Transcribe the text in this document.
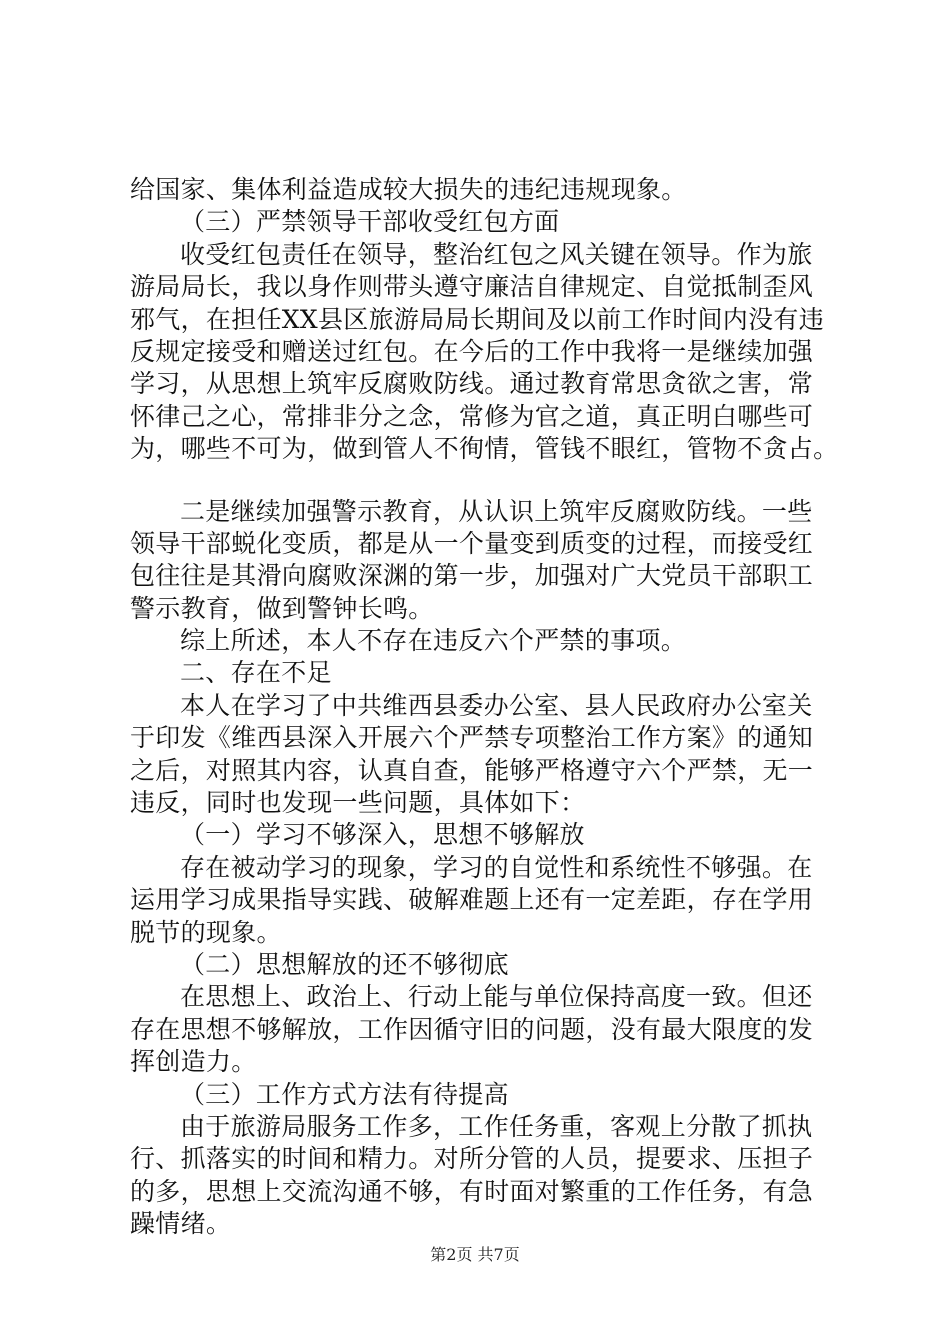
给国家、集体利益造成较大损失的违纪违规现象。
（三）严禁领导干部收受红包方面
收受红包责任在领导，整治红包之风关键在领导。作为旅
游局局长，我以身作则带头遵守廉洁自律规定、自觉抵制歪风
邪气，在担任XX县区旅游局局长期间及以前工作时间内没有违
反规定接受和赠送过红包。在今后的工作中我将一是继续加强
学习，从思想上筑牢反腐败防线。通过教育常思贪欲之害，常
怀律己之心，常排非分之念，常修为官之道，真正明白哪些可
为，哪些不可为，做到管人不徇情，管钱不眼红，管物不贪占。
二是继续加强警示教育，从认识上筑牢反腐败防线。一些
领导干部蜕化变质，都是从一个量变到质变的过程，而接受红
包往往是其滑向腐败深渊的第一步，加强对广大党员干部职工
警示教育，做到警钟长鸣。
综上所述，本人不存在违反六个严禁的事项。
二、存在不足
本人在学习了中共维西县委办公室、县人民政府办公室关
于印发《维西县深入开展六个严禁专项整治工作方案》的通知
之后，对照其内容，认真自查，能够严格遵守六个严禁，无一
违反，同时也发现一些问题，具体如下：
（一）学习不够深入，思想不够解放
存在被动学习的现象，学习的自觉性和系统性不够强。在
运用学习成果指导实践、破解难题上还有一定差距，存在学用
脱节的现象。
（二）思想解放的还不够彻底
在思想上、政治上、行动上能与单位保持高度一致。但还
存在思想不够解放，工作因循守旧的问题，没有最大限度的发
挥创造力。
（三）工作方式方法有待提高
由于旅游局服务工作多，工作任务重，客观上分散了抓执
行、抓落实的时间和精力。对所分管的人员，提要求、压担子
的多，思想上交流沟通不够，有时面对繁重的工作任务，有急
躁情绪。
第2页 共7页
